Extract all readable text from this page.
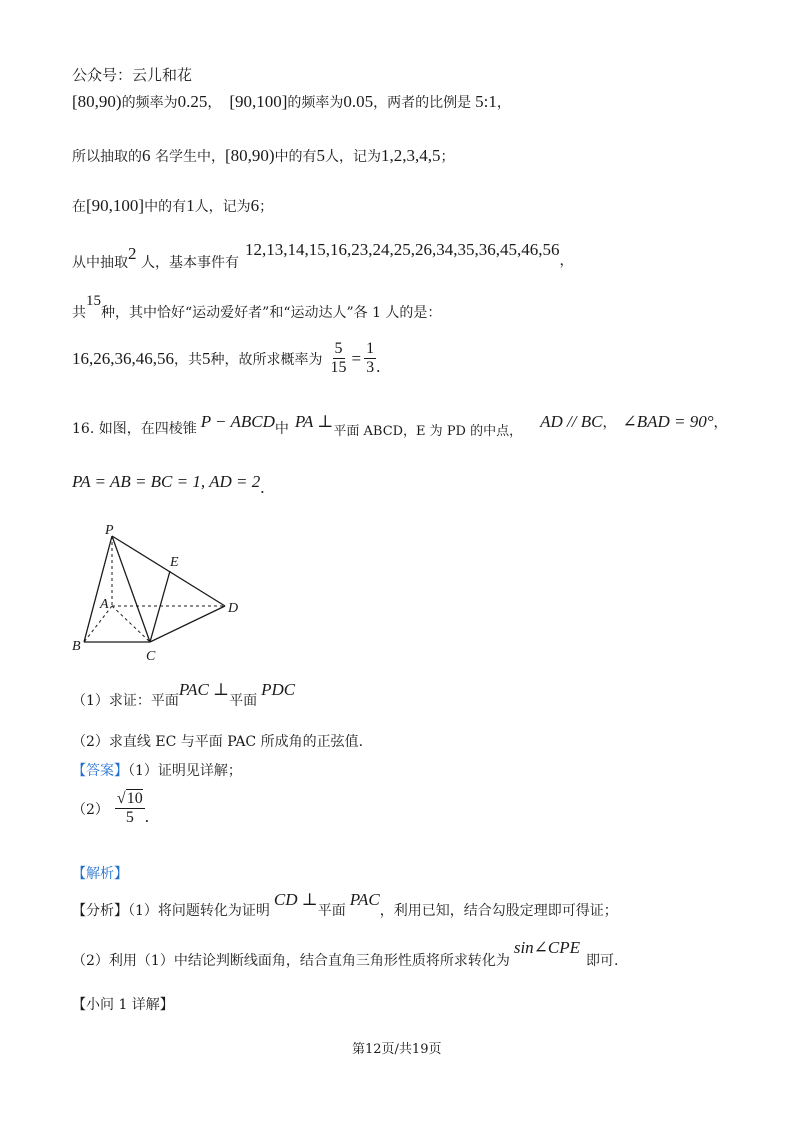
公众号：云儿和花
[80,90)的频率为0.25， [90,100]的频率为0.05，两者的比例是 5:1，
所以抽取的6 名学生中，[80,90)中的有5人，记为1,2,3,4,5；
在[90,100]中的有1人，记为6；
从中抽取2 人，基本事件有12,13,14,15,16,23,24,25,26,34,35,36,45,46,56，
共15种，其中恰好“运动爱好者”和“运动达人”各 1 人的是：
16,26,36,46,56 ，共 5 种，故所求概率为 $\frac{5}{15} = \frac{1}{3}$ .
16. 如图，在四棱锥 P − ABCD中 PA $\perp_{平面 ABCD,E 为 PD 的中点,}AD$ // BC， ∠BAD = 90°，
PA = AB = BC = 1, AD = 2.
P
E
A	D
B
C
（1）求证：平面PAC ⊥平面PDC
（2）求直线 EC 与平面 PAC 所成角的正弦值.
【答案】（1）证明见详解；
$(2) \frac{√10}{5}$ .
【解析】
【分析】（1）将问题转化为证明CD ⊥平面PAC，利用已知，结合勾股定理即可得证；
（2）利用（1）中结论判断线面角，结合直角三角形性质将所求转化为sin∠CPE即可.
【小问 1 详解】
第12页/共19页
